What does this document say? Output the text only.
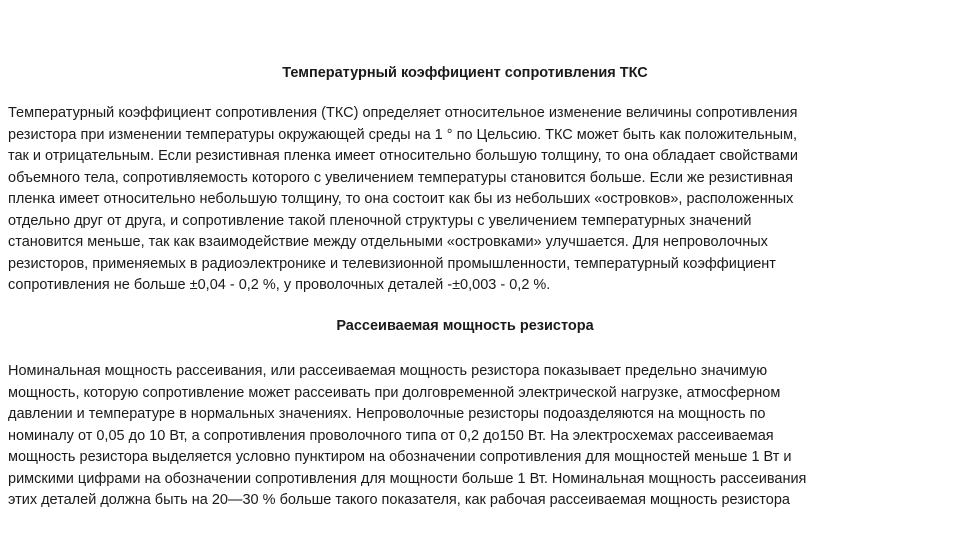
Температурный коэффициент сопротивления ТКС
Температурный коэффициент сопротивления (ТКС) определяет относительное изменение величины сопротивления
резистора при изменении температуры окружающей среды на 1 ° по Цельсию. ТКС может быть как положительным,
так и отрицательным. Если резистивная пленка имеет относительно большую толщину, то она обладает свойствами
объемного тела, сопротивляемость которого с увеличением температуры становится больше. Если же резистивная
пленка имеет относительно небольшую толщину, то она состоит как бы из небольших «островков», расположенных
отдельно друг от друга, и сопротивление такой пленочной структуры с увеличением температурных значений
становится меньше, так как взаимодействие между отдельными «островками» улучшается. Для непроволочных
резисторов, применяемых в радиоэлектронике и телевизионной промышленности, температурный коэффициент
сопротивления не больше ±0,04 - 0,2 %, у проволочных деталей -±0,003 - 0,2 %.
Рассеиваемая мощность резистора
Номинальная мощность рассеивания, или рассеиваемая мощность резистора показывает предельно значимую
мощность, которую сопротивление может рассеивать при долговременной электрической нагрузке, атмосферном
давлении и температуре в нормальных значениях. Непроволочные резисторы подоазделяются на мощность по
номиналу от 0,05 до 10 Вт, а сопротивления проволочного типа от 0,2 до150 Вт. На электросхемах рассеиваемая
мощность резистора выделяется условно пунктиром на обозначении сопротивления для мощностей меньше 1 Вт и
римскими цифрами на обозначении сопротивления для мощности больше 1 Вт. Номинальная мощность рассеивания
этих деталей должна быть на 20—30 % больше такого показателя, как рабочая рассеиваемая мощность резистора
